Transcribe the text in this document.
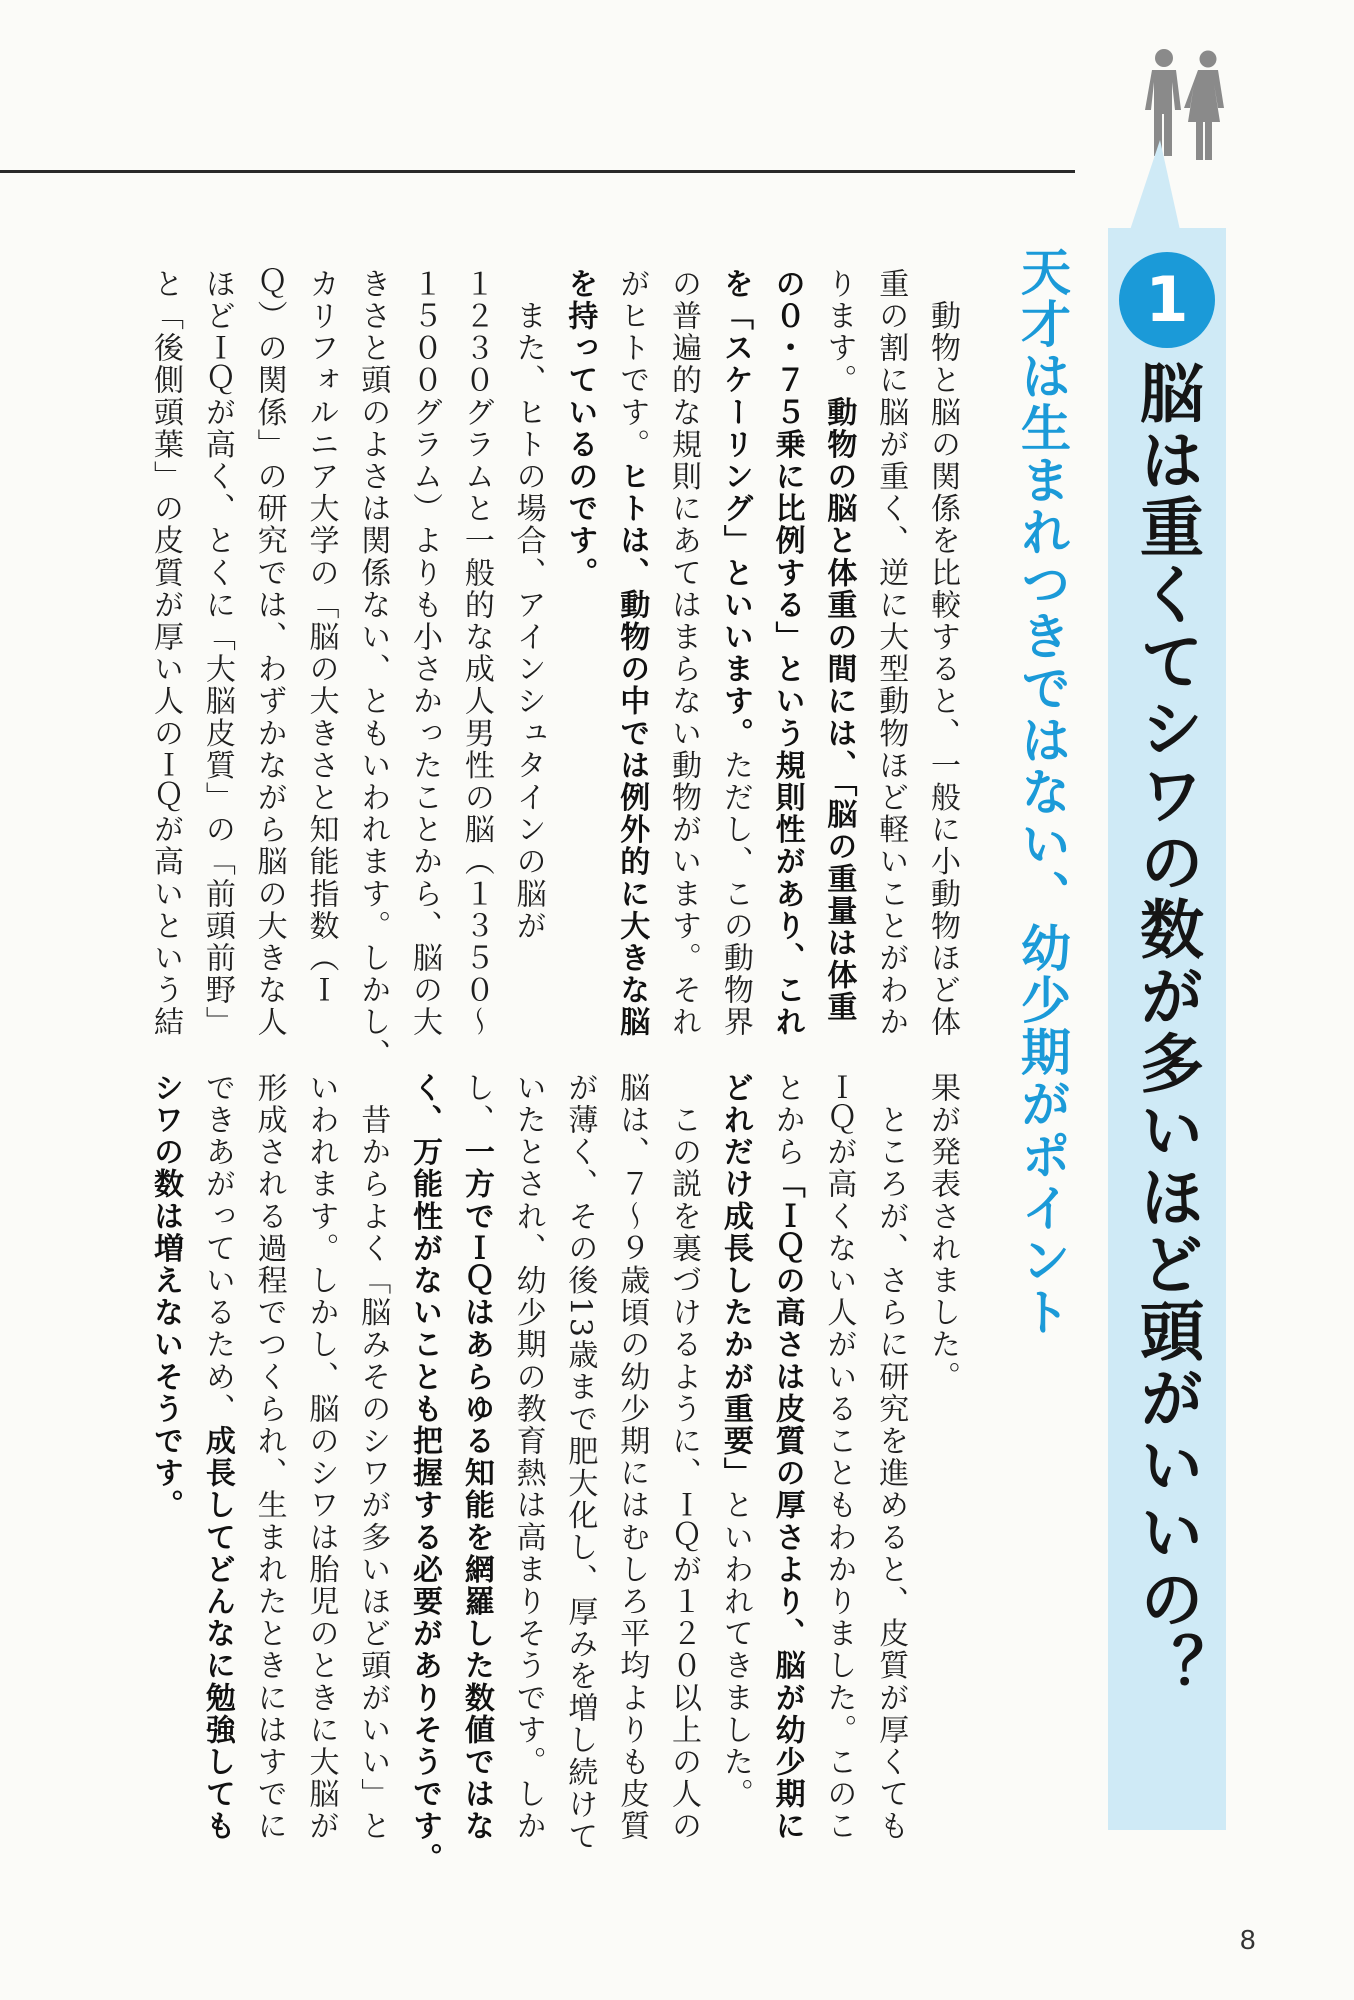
1
脳は重くてシワの数が多いほど頭がいいの？
天才は生まれつきではない、幼少期がポイント
　動物と脳の関係を比較すると、一般に小動物ほど体
重の割に脳が重く、逆に大型動物ほど軽いことがわか
ります。動物の脳と体重の間には、「脳の重量は体重
の０・７５乗に比例する」という規則性があり、これ
を「スケーリング」といいます。ただし、この動物界
の普遍的な規則にあてはまらない動物がいます。それ
がヒトです。ヒトは、動物の中では例外的に大きな脳
を持っているのです。
　また、ヒトの場合、アインシュタインの脳が
１２３０グラムと一般的な成人男性の脳（１３５０～
１５００グラム）よりも小さかったことから、脳の大
きさと頭のよさは関係ない、ともいわれます。しかし、
カリフォルニア大学の「脳の大きさと知能指数（Ｉ
Ｑ）の関係」の研究では、わずかながら脳の大きな人
ほどＩＱが高く、とくに「大脳皮質」の「前頭前野」
と「後側頭葉」の皮質が厚い人のＩＱが高いという結
果が発表されました。
　ところが、さらに研究を進めると、皮質が厚くても
ＩＱが高くない人がいることもわかりました。このこ
とから「ＩＱの高さは皮質の厚さより、脳が幼少期に
どれだけ成長したかが重要」といわれてきました。
　この説を裏づけるように、ＩＱが１２０以上の人の
脳は、７～９歳頃の幼少期にはむしろ平均よりも皮質
が薄く、その後13歳まで肥大化し、厚みを増し続けて
いたとされ、幼少期の教育熱は高まりそうです。しか
し、一方でＩＱはあらゆる知能を網羅した数値ではな
く、万能性がないことも把握する必要がありそうです。
　昔からよく「脳みそのシワが多いほど頭がいい」と
いわれます。しかし、脳のシワは胎児のときに大脳が
形成される過程でつくられ、生まれたときにはすでに
できあがっているため、成長してどんなに勉強しても
シワの数は増えないそうです。
8
